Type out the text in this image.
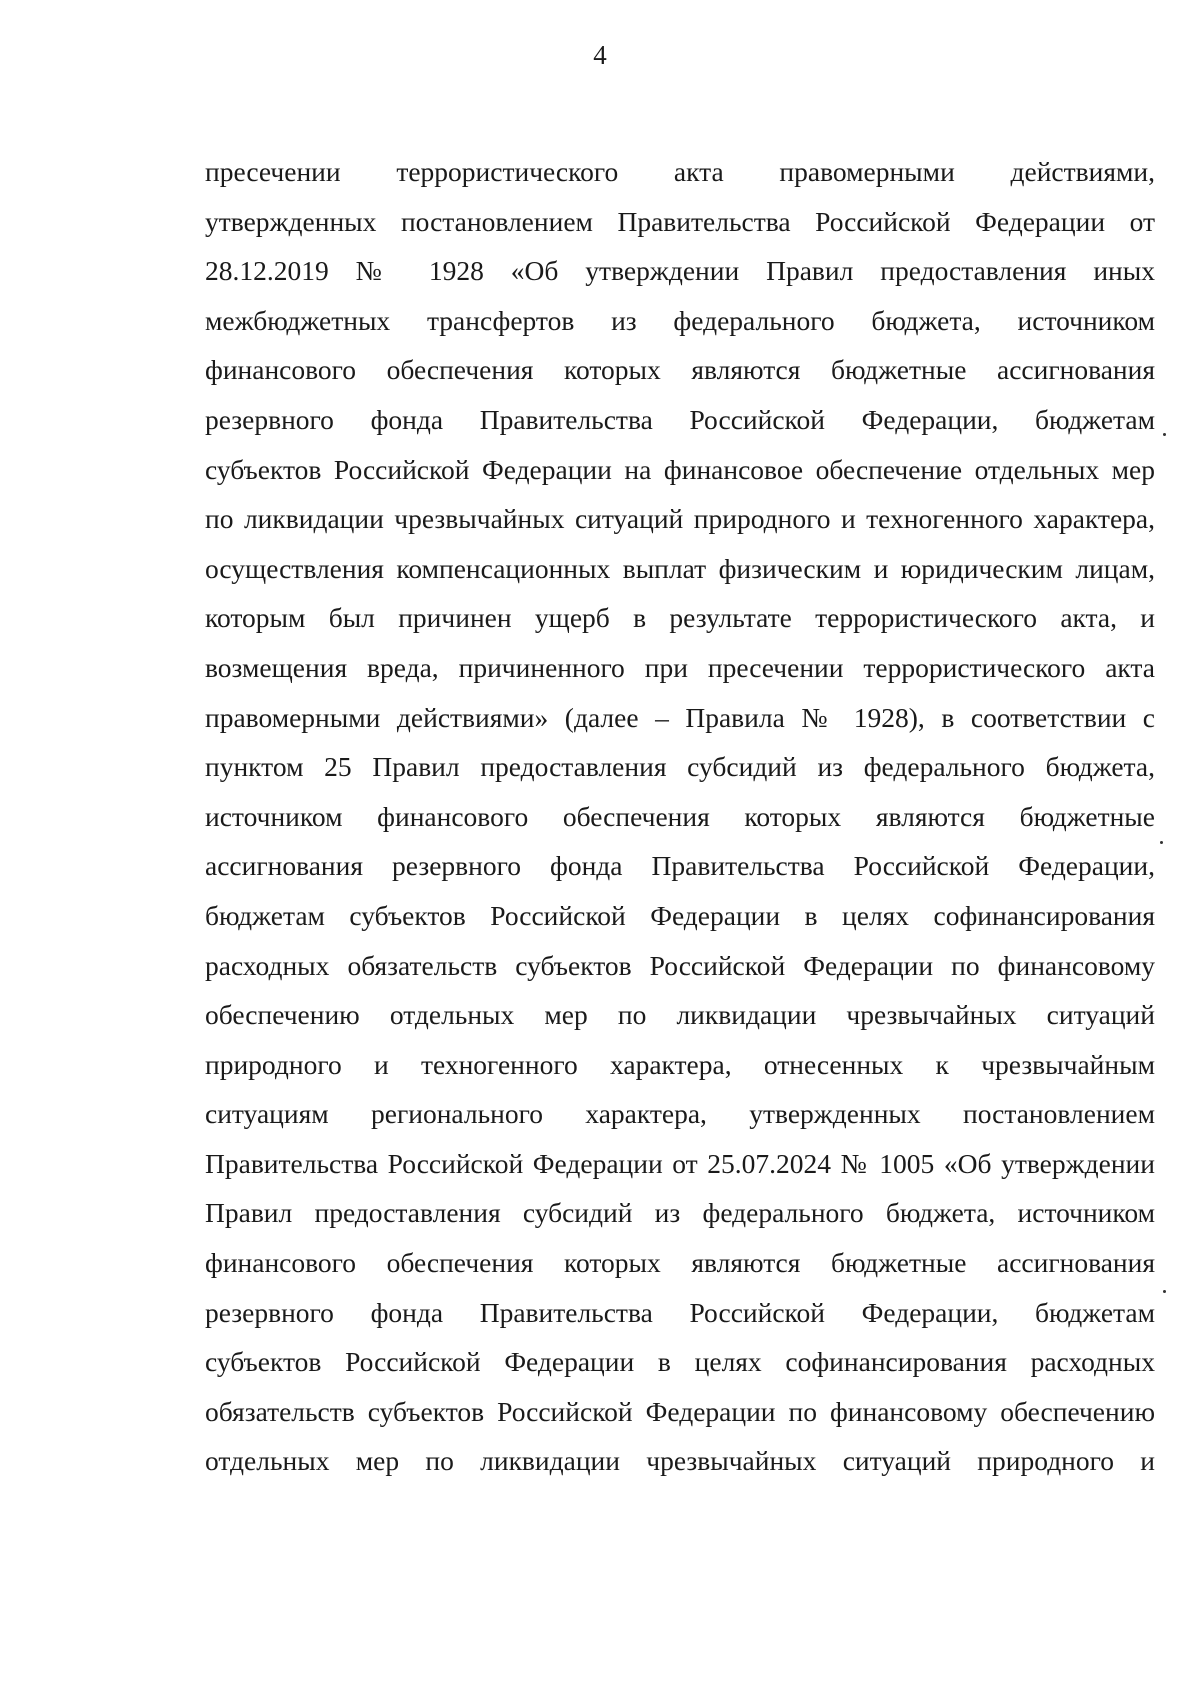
4
пресечении террористического акта правомерными действиями,
утвержденных постановлением Правительства Российской Федерации от
28.12.2019 № 1928 «Об утверждении Правил предоставления иных
межбюджетных трансфертов из федерального бюджета, источником
финансового обеспечения которых являются бюджетные ассигнования
резервного фонда Правительства Российской Федерации, бюджетам
субъектов Российской Федерации на финансовое обеспечение отдельных мер
по ликвидации чрезвычайных ситуаций природного и техногенного характера,
осуществления компенсационных выплат физическим и юридическим лицам,
которым был причинен ущерб в результате террористического акта, и
возмещения вреда, причиненного при пресечении террористического акта
правомерными действиями» (далее – Правила № 1928), в соответствии с
пунктом 25 Правил предоставления субсидий из федерального бюджета,
источником финансового обеспечения которых являются бюджетные
ассигнования резервного фонда Правительства Российской Федерации,
бюджетам субъектов Российской Федерации в целях софинансирования
расходных обязательств субъектов Российской Федерации по финансовому
обеспечению отдельных мер по ликвидации чрезвычайных ситуаций
природного и техногенного характера, отнесенных к чрезвычайным
ситуациям регионального характера, утвержденных постановлением
Правительства Российской Федерации от 25.07.2024 № 1005 «Об утверждении
Правил предоставления субсидий из федерального бюджета, источником
финансового обеспечения которых являются бюджетные ассигнования
резервного фонда Правительства Российской Федерации, бюджетам
субъектов Российской Федерации в целях софинансирования расходных
обязательств субъектов Российской Федерации по финансовому обеспечению
отдельных мер по ликвидации чрезвычайных ситуаций природного и
